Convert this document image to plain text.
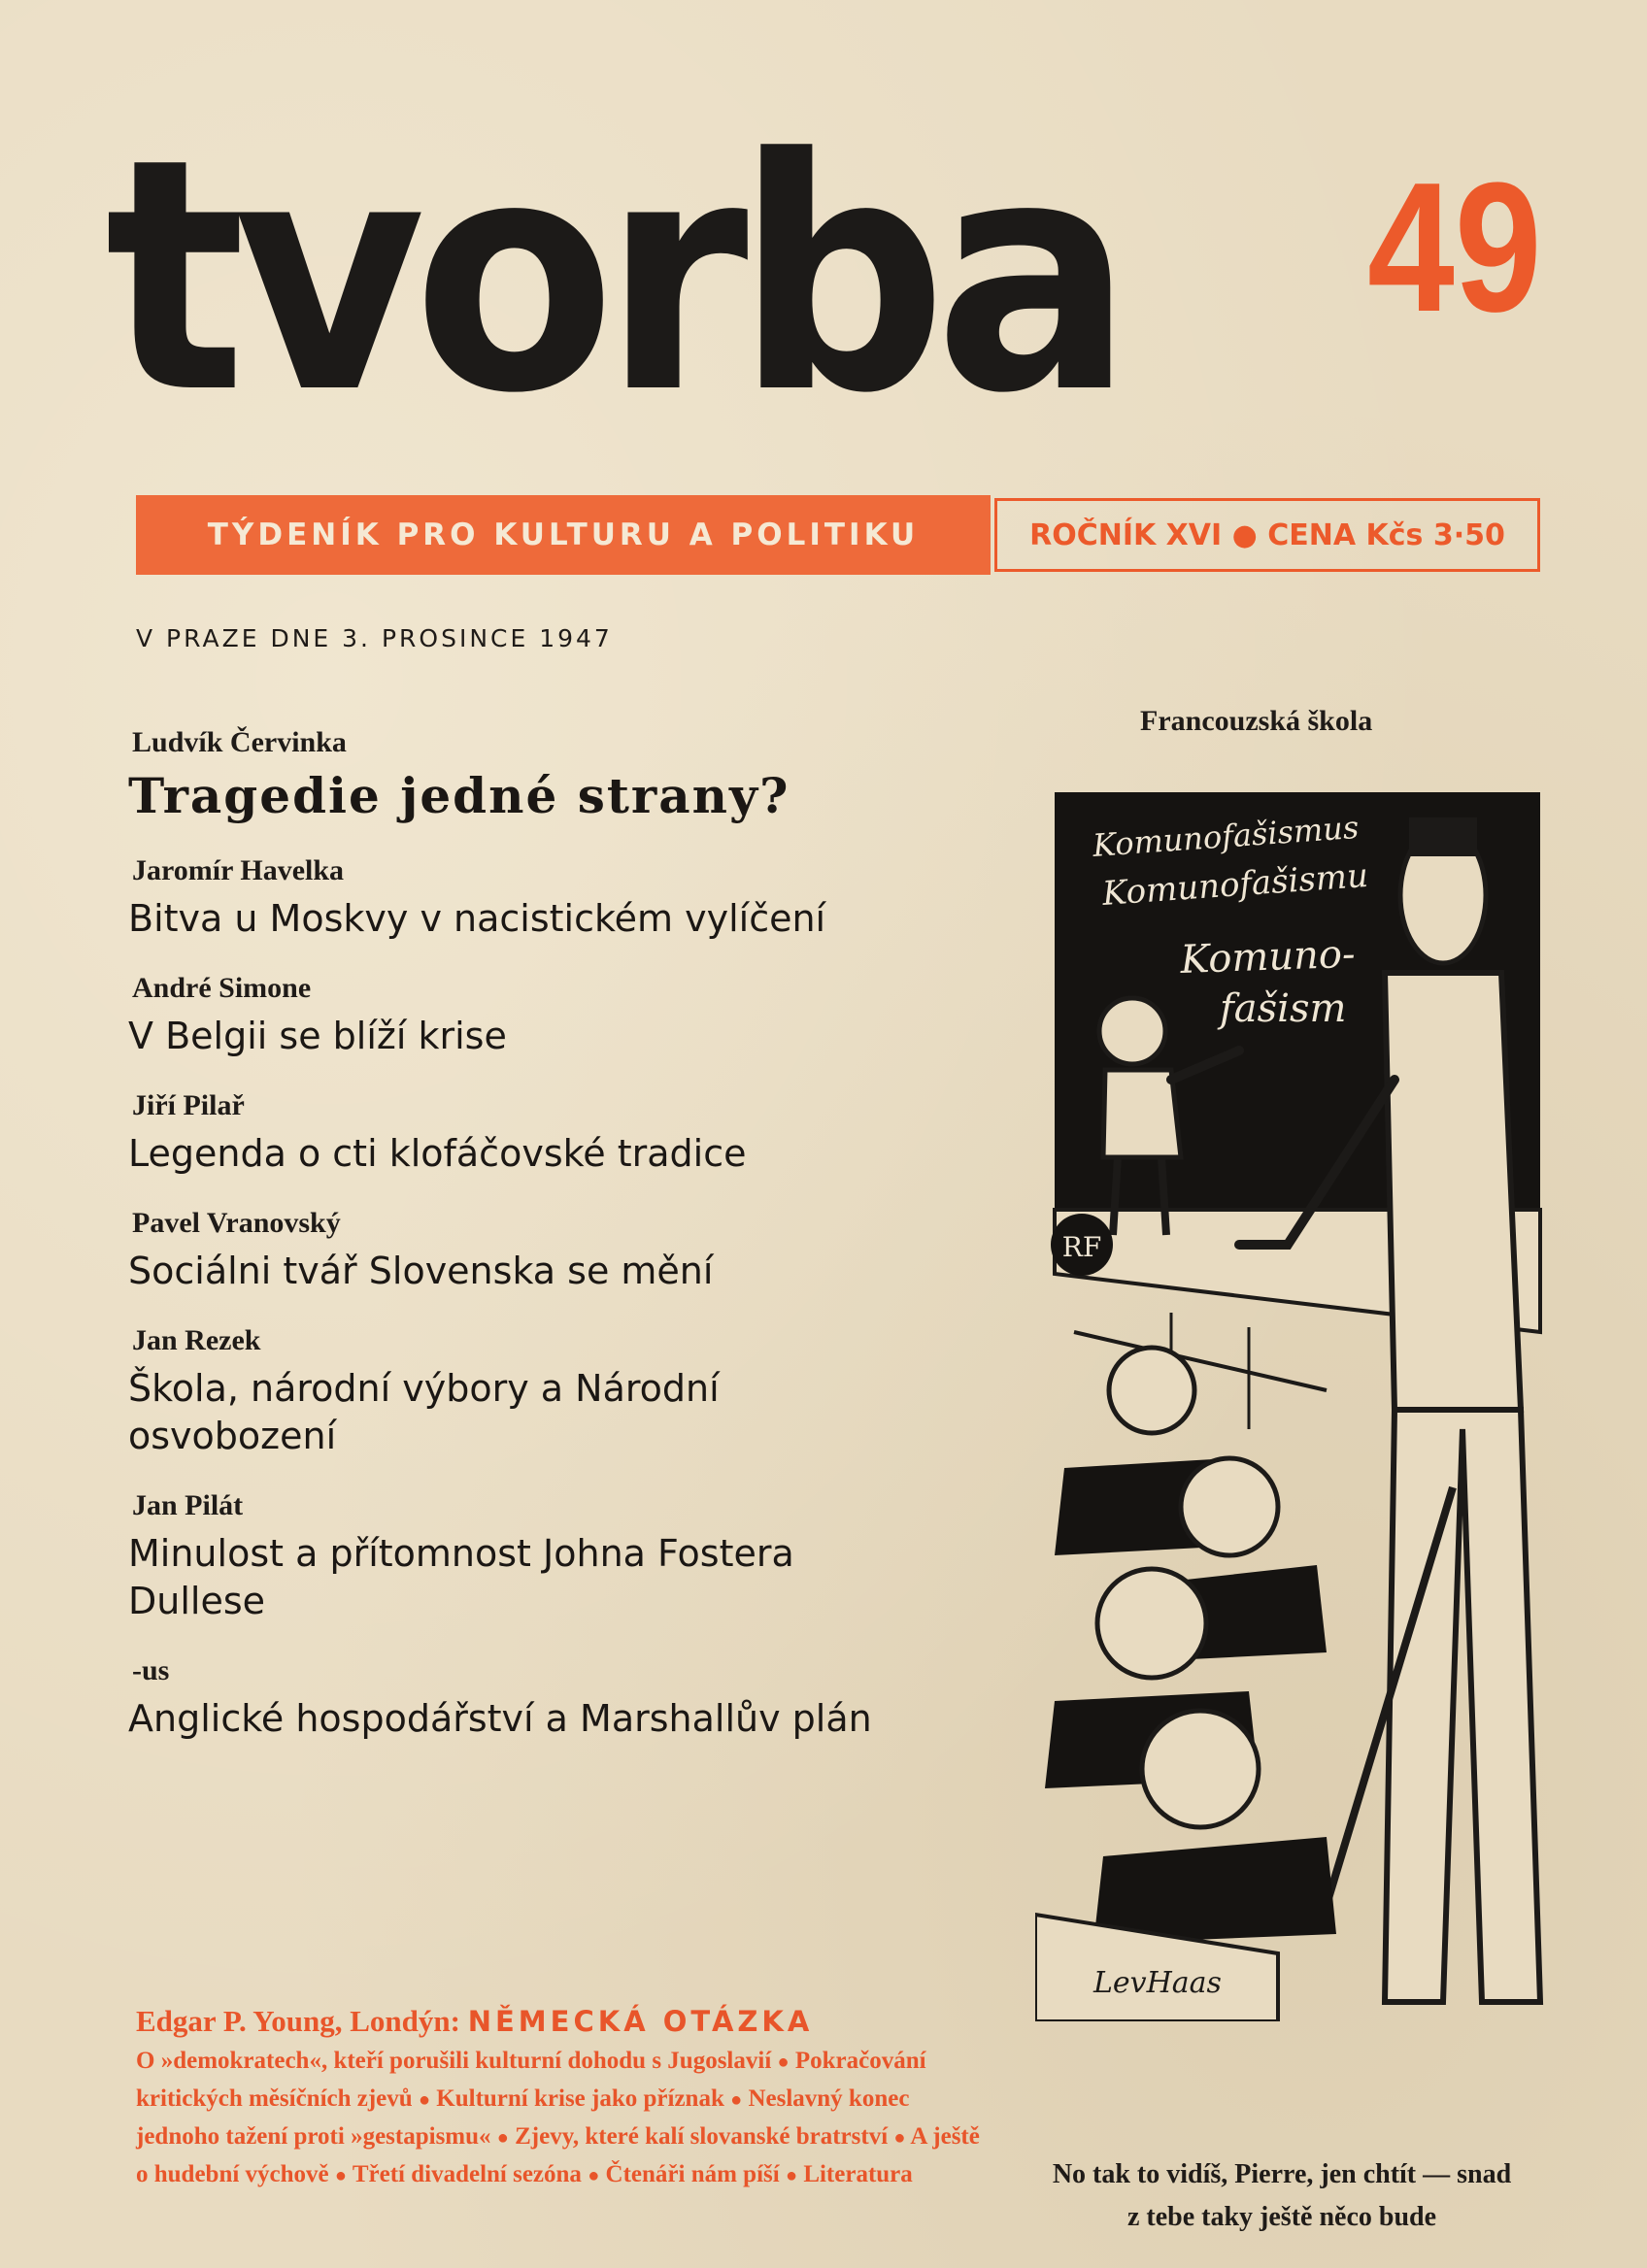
tvorba 49
TÝDENÍK PRO KULTURU A POLITIKU	ROČNÍK XVI ● CENA Kčs 3·50
V PRAZE DNE 3. PROSINCE 1947
Ludvík Červinka
Tragedie jedné strany?
Jaromír Havelka
Bitva u Moskvy v nacistickém vylíčení
André Simone
V Belgii se blíží krise
Jiří Pilař
Legenda o cti klofáčovské tradice
Pavel Vranovský
Sociálni tvář Slovenska se mění
Jan Rezek
Škola, národní výbory a Národní osvobození
Jan Pilát
Minulost a přítomnost Johna Fostera Dullese
-us
Anglické hospodářství a Marshallův plán
Edgar P. Young, Londýn: NĚMECKÁ OTÁZKA
O »demokratech«, kteří porušili kulturní dohodu s Jugoslavií ● Pokračování kritických měsíčních zjevů ● Kulturní krise jako příznak ● Neslavný konec jednoho tažení proti »gestapismu« ● Zjevy, které kalí slovanské bratrství ● A ještě o hudební výchově ● Třetí divadelní sezóna ● Čtenáři nám píší ● Literatura
Francouzská škola
Komunofašismus
Komunofašismu
Komuno-
fašism
RF
LevHaas
No tak to vidíš, Pierre, jen chtít — snad
z tebe taky ještě něco bude
